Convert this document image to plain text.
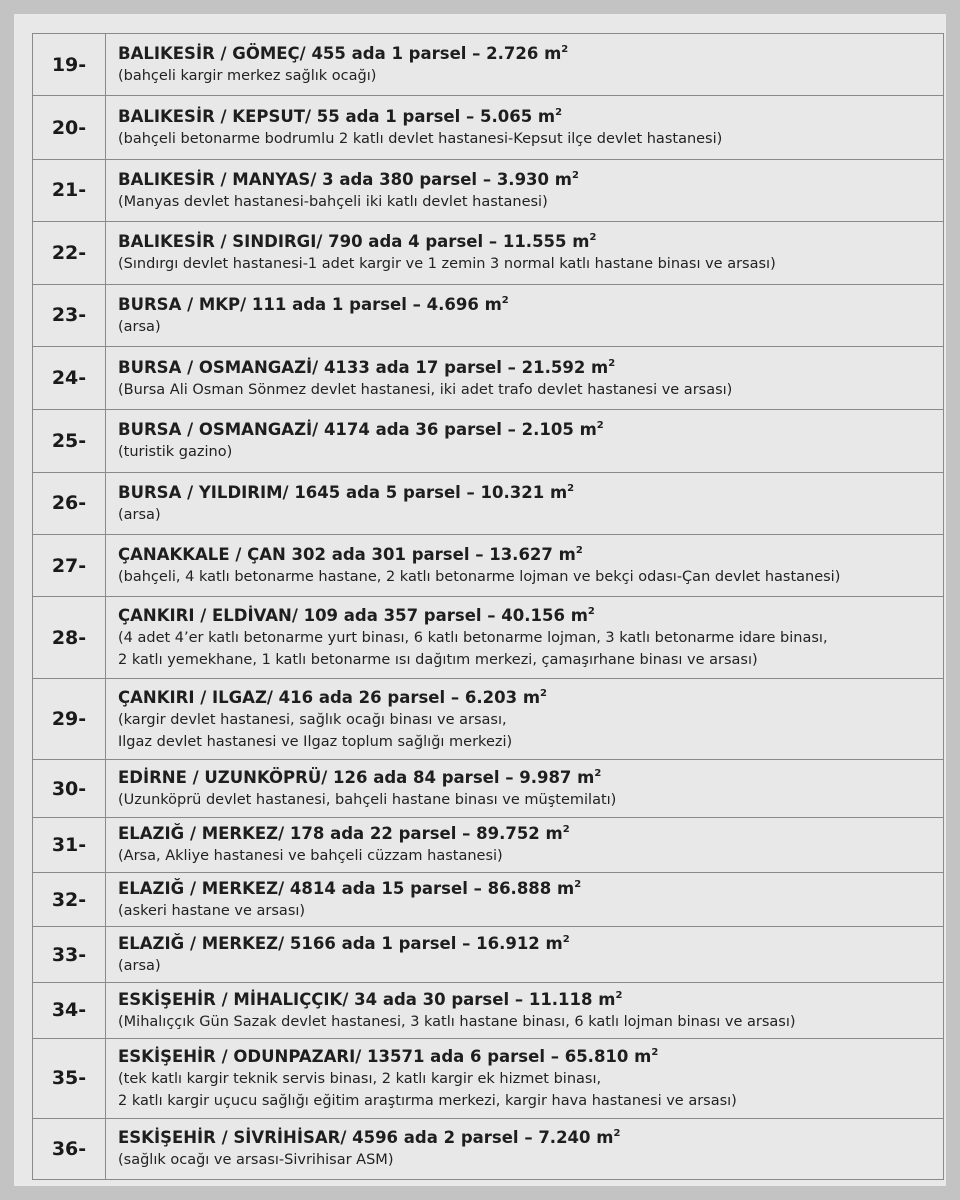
19-	BALIKESİR / GÖMEÇ/ 455 ada 1 parsel – 2.726 $m^2$
(bahçeli kargir merkez sağlık ocağı)

20-	BALIKESİR / KEPSUT/ 55 ada 1 parsel – 5.065 $m^2$
(bahçeli betonarme bodrumlu 2 katlı devlet hastanesi-Kepsut ilçe devlet hastanesi)

21-	BALIKESİR / MANYAS/ 3 ada 380 parsel – 3.930 $m^2$
(Manyas devlet hastanesi-bahçeli iki katlı devlet hastanesi)

22-	BALIKESİR / SINDIRGI/ 790 ada 4 parsel – 11.555 $m^2$
(Sındırgı devlet hastanesi-1 adet kargir ve 1 zemin 3 normal katlı hastane binası ve arsası)

23-	BURSA / MKP/ 111 ada 1 parsel – 4.696 $m^2$
(arsa)

24-	BURSA / OSMANGAZİ/ 4133 ada 17 parsel – 21.592 $m^2$
(Bursa Ali Osman Sönmez devlet hastanesi, iki adet trafo devlet hastanesi ve arsası)

25-	BURSA / OSMANGAZİ/ 4174 ada 36 parsel – 2.105 $m^2$
(turistik gazino)

26-	BURSA / YILDIRIM/ 1645 ada 5 parsel – 10.321 $m^2$
(arsa)

27-	ÇANAKKALE / ÇAN 302 ada 301 parsel – 13.627 $m^2$
(bahçeli, 4 katlı betonarme hastane, 2 katlı betonarme lojman ve bekçi odası-Çan devlet hastanesi)

28-	ÇANKIRI / ELDİVAN/ 109 ada 357 parsel – 40.156 $m^2$
(4 adet 4’er katlı betonarme yurt binası, 6 katlı betonarme lojman, 3 katlı betonarme idare binası,
2 katlı yemekhane, 1 katlı betonarme ısı dağıtım merkezi, çamaşırhane binası ve arsası)

29-	ÇANKIRI / ILGAZ/ 416 ada 26 parsel – 6.203 $m^2$
(kargir devlet hastanesi, sağlık ocağı binası ve arsası,
Ilgaz devlet hastanesi ve Ilgaz toplum sağlığı merkezi)

30-	EDİRNE / UZUNKÖPRÜ/ 126 ada 84 parsel – 9.987 $m^2$
(Uzunköprü devlet hastanesi, bahçeli hastane binası ve müştemilatı)

31-	ELAZIĞ / MERKEZ/ 178 ada 22 parsel – 89.752 $m^2$
(Arsa, Akliye hastanesi ve bahçeli cüzzam hastanesi)

32-	ELAZIĞ / MERKEZ/ 4814 ada 15 parsel – 86.888 $m^2$
(askeri hastane ve arsası)

33-	ELAZIĞ / MERKEZ/ 5166 ada 1 parsel – 16.912 $m^2$
(arsa)

34-	ESKİŞEHİR / MİHALIÇÇIK/ 34 ada 30 parsel – 11.118 $m^2$
(Mihalıççık Gün Sazak devlet hastanesi, 3 katlı hastane binası, 6 katlı lojman binası ve arsası)

35-	ESKİŞEHİR / ODUNPAZARI/ 13571 ada 6 parsel – 65.810 $m^2$
(tek katlı kargir teknik servis binası, 2 katlı kargir ek hizmet binası,
2 katlı kargir uçucu sağlığı eğitim araştırma merkezi, kargir hava hastanesi ve arsası)

36-	ESKİŞEHİR / SİVRİHİSAR/ 4596 ada 2 parsel – 7.240 $m^2$
(sağlık ocağı ve arsası-Sivrihisar ASM)
